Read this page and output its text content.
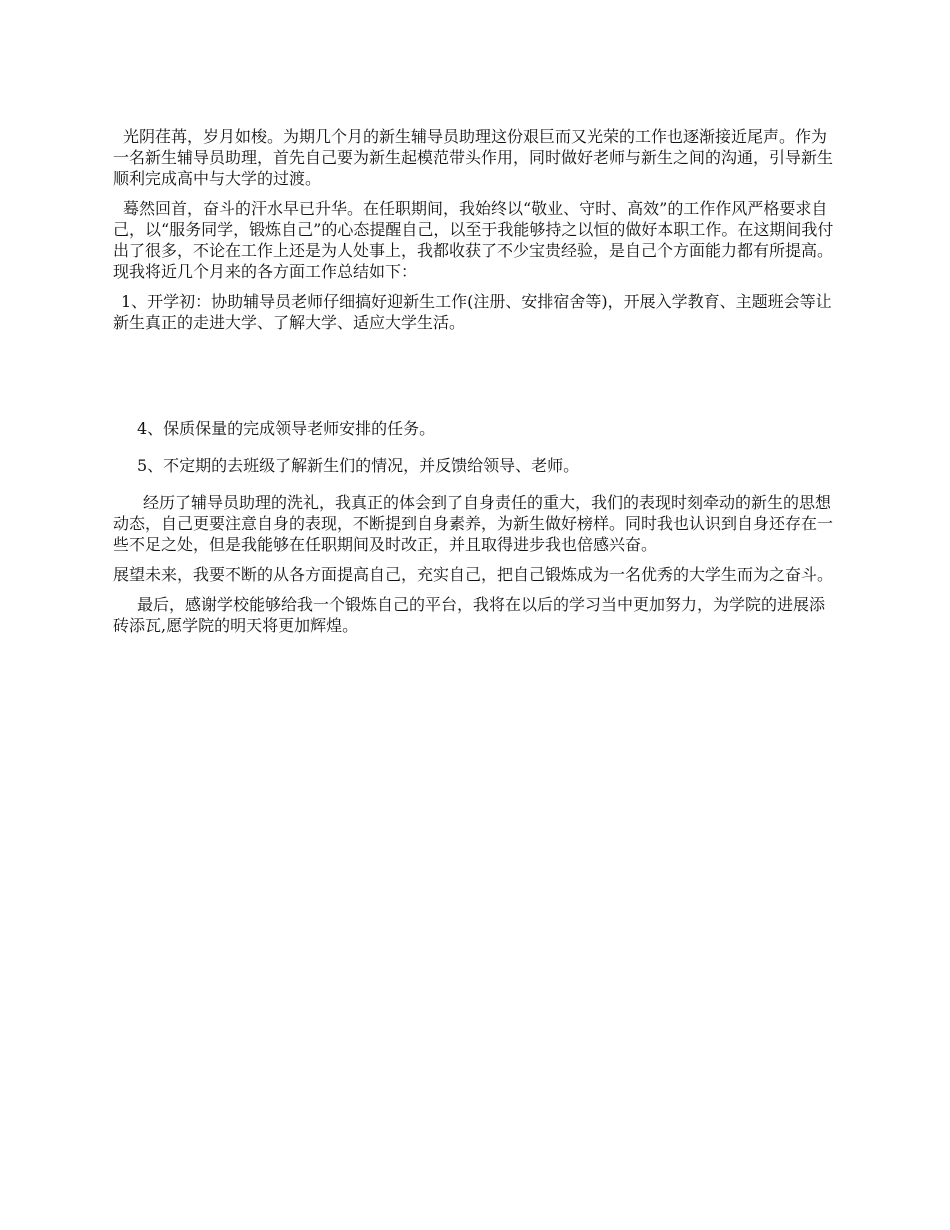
光阴荏苒，岁月如梭。为期几个月的新生辅导员助理这份艰巨而又光荣的工作也逐渐接近尾声。作为一名新生辅导员助理，首先自己要为新生起模范带头作用，同时做好老师与新生之间的沟通，引导新生顺利完成高中与大学的过渡。

蓦然回首，奋斗的汗水早已升华。在任职期间，我始终以“敬业、守时、高效”的工作作风严格要求自己，以“服务同学，锻炼自己”的心态提醒自己，以至于我能够持之以恒的做好本职工作。在这期间我付出了很多，不论在工作上还是为人处事上，我都收获了不少宝贵经验，是自己个方面能力都有所提高。现我将近几个月来的各方面工作总结如下：

1、开学初：协助辅导员老师仔细搞好迎新生工作(注册、安排宿舍等)，开展入学教育、主题班会等让新生真正的走进大学、了解大学、适应大学生活。

4、保质保量的完成领导老师安排的任务。

5、不定期的去班级了解新生们的情况，并反馈给领导、老师。

经历了辅导员助理的洗礼，我真正的体会到了自身责任的重大，我们的表现时刻牵动的新生的思想动态，自己更要注意自身的表现，不断提到自身素养，为新生做好榜样。同时我也认识到自身还存在一些不足之处，但是我能够在任职期间及时改正，并且取得进步我也倍感兴奋。

展望未来，我要不断的从各方面提高自己，充实自己，把自己锻炼成为一名优秀的大学生而为之奋斗。

最后，感谢学校能够给我一个锻炼自己的平台，我将在以后的学习当中更加努力，为学院的进展添砖添瓦,愿学院的明天将更加辉煌。
